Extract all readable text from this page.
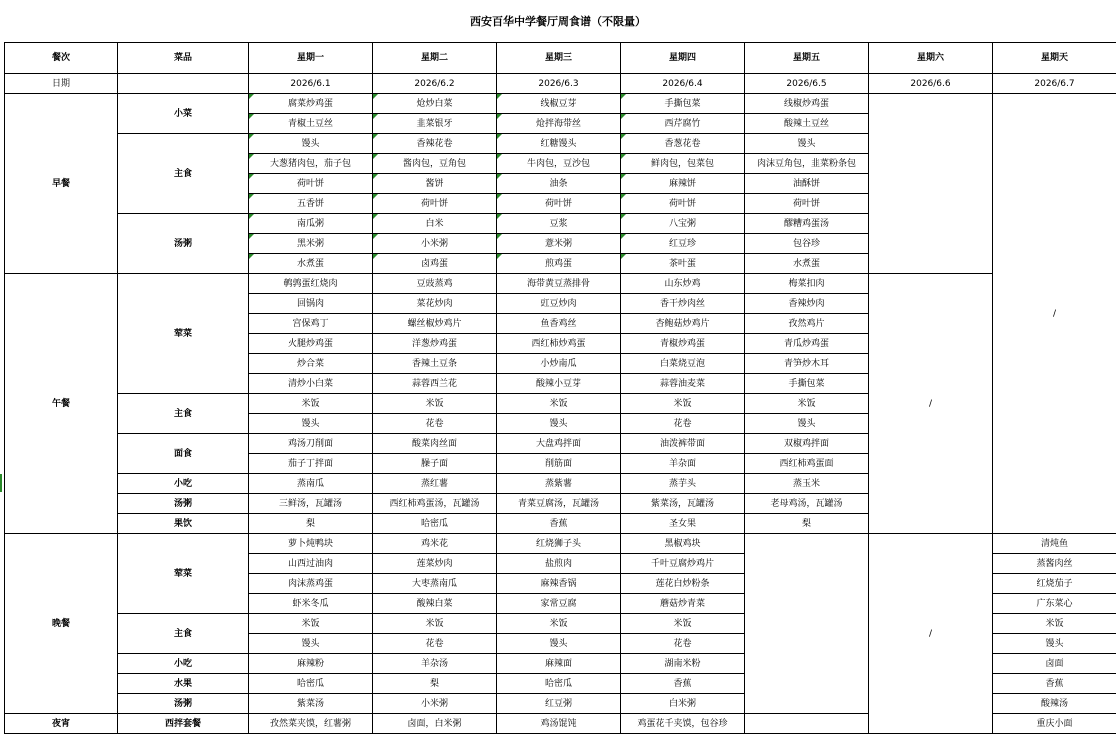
西安百华中学餐厅周食谱（不限量）
餐次	菜品	星期一	星期二	星期三	星期四	星期五	星期六	星期天
日期		2026/6.1	2026/6.2	2026/6.3	2026/6.4	2026/6.5	2026/6.6	2026/6.7
早餐	小菜	腐菜炒鸡蛋	炝炒白菜	线椒豆芽	手撕包菜	线椒炒鸡蛋		/
		青椒土豆丝	韭菜银牙	炝拌海带丝	西芹腐竹	酸辣土豆丝		
	主食	馒头	香辣花卷	红糖馒头	香葱花卷	馒头		
		大葱猪肉包，茄子包	酱肉包，豆角包	牛肉包，豆沙包	鲜肉包，包菜包	肉沫豆角包，韭菜粉条包		
		荷叶饼	酱饼	油条	麻辣饼	油酥饼		
		五香饼	荷叶饼	荷叶饼	荷叶饼	荷叶饼		
	汤粥	南瓜粥	白米	豆浆	八宝粥	醪糟鸡蛋汤		
		黑米粥	小米粥	薏米粥	红豆珍	包谷珍		
		水煮蛋	卤鸡蛋	煎鸡蛋	茶叶蛋	水煮蛋		
午餐	荤菜	鹌鹑蛋红烧肉	豆豉蒸鸡	海带黄豆蒸排骨	山东炒鸡	梅菜扣肉	/	
		回锅肉	菜花炒肉	豇豆炒肉	香干炒肉丝	香辣炒肉		
		宫保鸡丁	螺丝椒炒鸡片	鱼香鸡丝	杏鲍菇炒鸡片	孜然鸡片		
		火腿炒鸡蛋	洋葱炒鸡蛋	西红柿炒鸡蛋	青椒炒鸡蛋	青瓜炒鸡蛋		
		炒合菜	香辣土豆条	小炒南瓜	白菜烧豆泡	青笋炒木耳		
		清炒小白菜	蒜蓉西兰花	酸辣小豆芽	蒜蓉油麦菜	手撕包菜		
	主食	米饭	米饭	米饭	米饭	米饭		
		馒头	花卷	馒头	花卷	馒头		
	面食	鸡汤刀削面	酸菜肉丝面	大盘鸡拌面	油泼裤带面	双椒鸡拌面		
		茄子丁拌面	臊子面	削筋面	羊杂面	西红柿鸡蛋面		
	小吃	蒸南瓜	蒸红薯	蒸紫薯	蒸芋头	蒸玉米		
	汤粥	三鲜汤，瓦罐汤	西红柿鸡蛋汤，瓦罐汤	青菜豆腐汤，瓦罐汤	紫菜汤，瓦罐汤	老母鸡汤，瓦罐汤		
	果饮	梨	哈密瓜	香蕉	圣女果	梨		
晚餐	荤菜	萝卜炖鸭块	鸡米花	红烧狮子头	黑椒鸡块		/	清炖鱼
		山西过油肉	莲菜炒肉	盐煎肉	千叶豆腐炒鸡片			蒸酱肉丝
		肉沫蒸鸡蛋	大枣蒸南瓜	麻辣香锅	莲花白炒粉条			红烧茄子
		虾米冬瓜	酸辣白菜	家常豆腐	蘑菇炒青菜			广东菜心
	主食	米饭	米饭	米饭	米饭			米饭
		馒头	花卷	馒头	花卷			馒头
	小吃	麻辣粉	羊杂汤	麻辣面	湖南米粉			卤面
	水果	哈密瓜	梨	哈密瓜	香蕉			香蕉
	汤粥	紫菜汤	小米粥	红豆粥	白米粥			酸辣汤
夜宵	西拌套餐	孜然菜夹馍，红薯粥	卤面，白米粥	鸡汤馄饨	鸡蛋花千夹馍，包谷珍			重庆小面
